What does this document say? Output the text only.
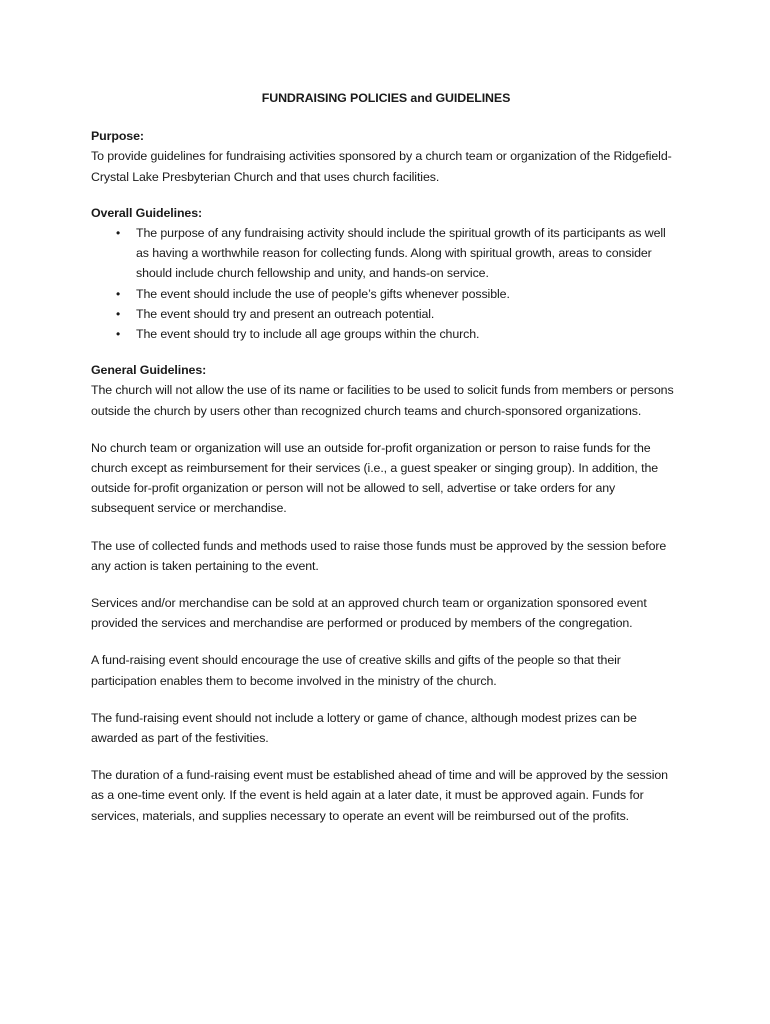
FUNDRAISING POLICIES and GUIDELINES

Purpose:

To provide guidelines for fundraising activities sponsored by a church team or organization of the Ridgefield-Crystal Lake Presbyterian Church and that uses church facilities.

Overall Guidelines:

• The purpose of any fundraising activity should include the spiritual growth of its participants as well as having a worthwhile reason for collecting funds. Along with spiritual growth, areas to consider should include church fellowship and unity, and hands-on service.
• The event should include the use of people’s gifts whenever possible.
• The event should try and present an outreach potential.
• The event should try to include all age groups within the church.

General Guidelines:

The church will not allow the use of its name or facilities to be used to solicit funds from members or persons outside the church by users other than recognized church teams and church-sponsored organizations.

No church team or organization will use an outside for-profit organization or person to raise funds for the church except as reimbursement for their services (i.e., a guest speaker or singing group). In addition, the outside for-profit organization or person will not be allowed to sell, advertise or take orders for any subsequent service or merchandise.

The use of collected funds and methods used to raise those funds must be approved by the session before any action is taken pertaining to the event.

Services and/or merchandise can be sold at an approved church team or organization sponsored event provided the services and merchandise are performed or produced by members of the congregation.

A fund-raising event should encourage the use of creative skills and gifts of the people so that their participation enables them to become involved in the ministry of the church.

The fund-raising event should not include a lottery or game of chance, although modest prizes can be awarded as part of the festivities.

The duration of a fund-raising event must be established ahead of time and will be approved by the session as a one-time event only. If the event is held again at a later date, it must be approved again. Funds for services, materials, and supplies necessary to operate an event will be reimbursed out of the profits.
